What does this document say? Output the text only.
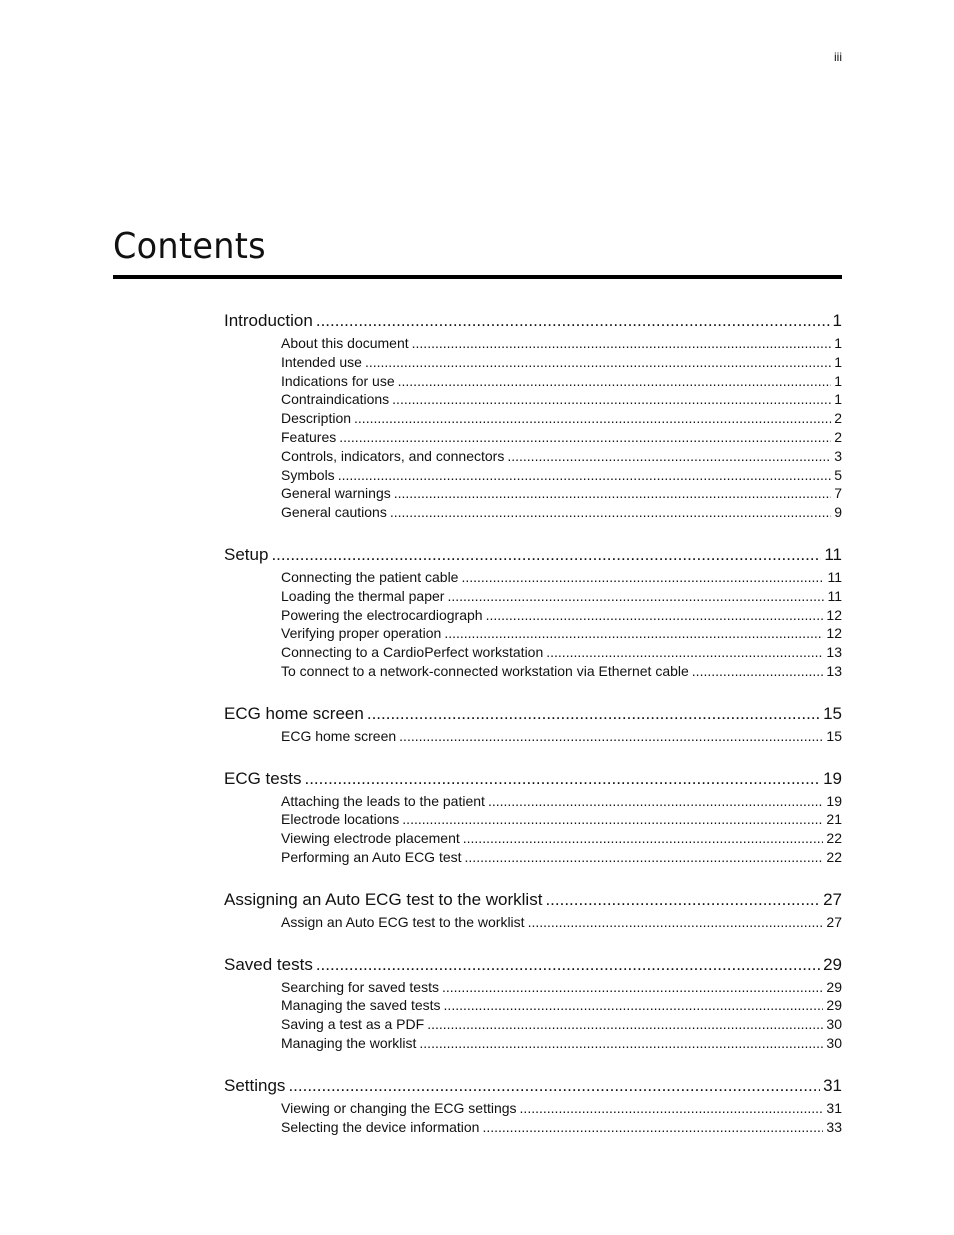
iii
Contents
Introduction .....	1
About this document .....	1
Intended use .....	1
Indications for use .....	1
Contraindications .....	1
Description .....	2
Features .....	2
Controls, indicators, and connectors .....	3
Symbols .....	5
General warnings .....	7
General cautions .....	9
Setup .....	11
Connecting the patient cable .....	11
Loading the thermal paper .....	11
Powering the electrocardiograph .....	12
Verifying proper operation .....	12
Connecting to a CardioPerfect workstation .....	13
To connect to a network-connected workstation via Ethernet cable .....	13
ECG home screen .....	15
ECG home screen .....	15
ECG tests .....	19
Attaching the leads to the patient .....	19
Electrode locations .....	21
Viewing electrode placement .....	22
Performing an Auto ECG test .....	22
Assigning an Auto ECG test to the worklist .....	27
Assign an Auto ECG test to the worklist .....	27
Saved tests .....	29
Searching for saved tests .....	29
Managing the saved tests .....	29
Saving a test as a PDF .....	30
Managing the worklist .....	30
Settings .....	31
Viewing or changing the ECG settings .....	31
Selecting the device information .....	33
